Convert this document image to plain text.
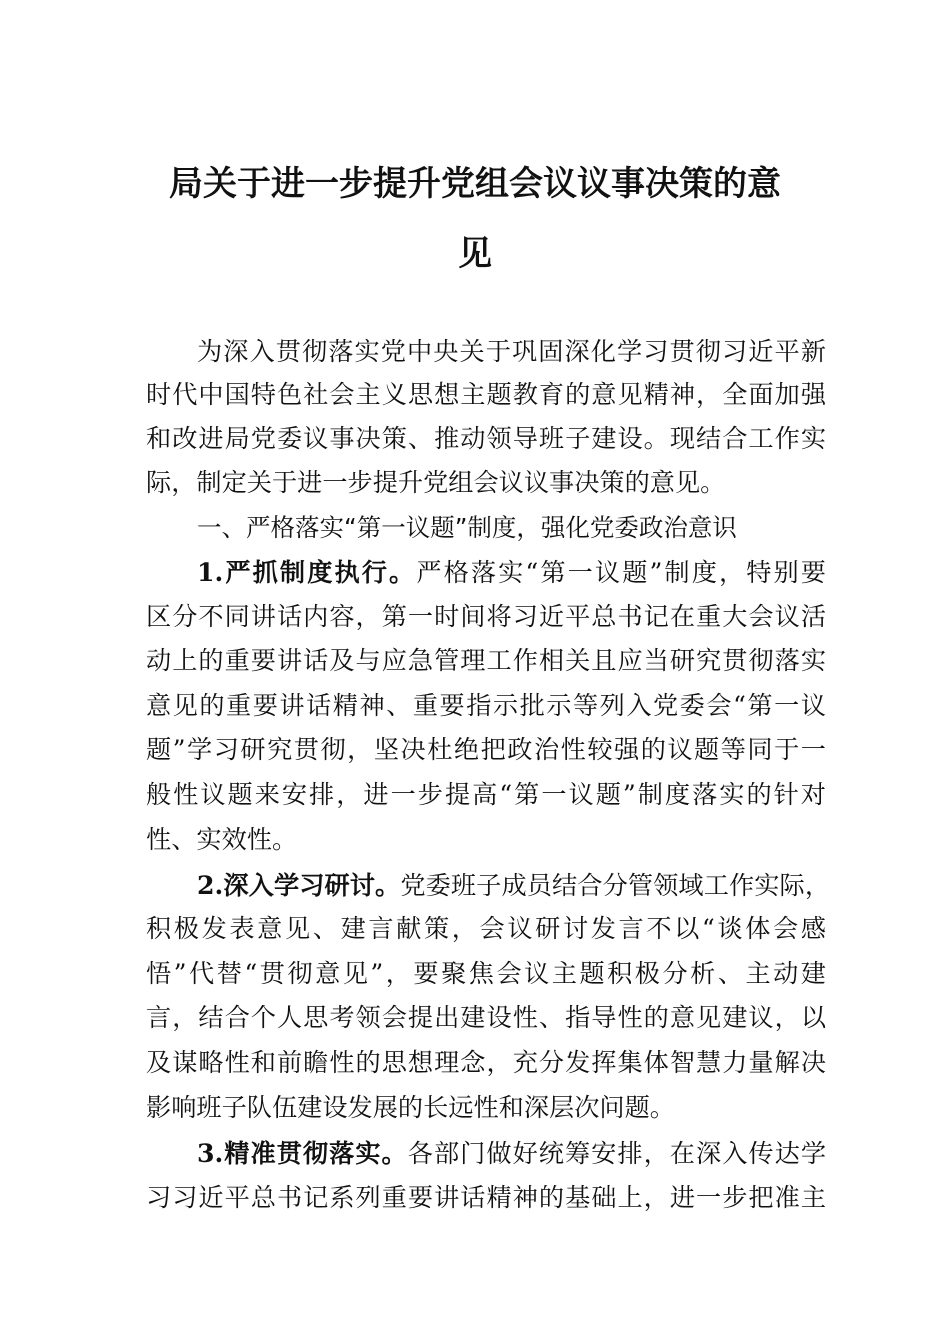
局关于进一步提升党组会议议事决策的意
见
为深入贯彻落实党中央关于巩固深化学习贯彻习近平新
时代中国特色社会主义思想主题教育的意见精神，全面加强
和改进局党委议事决策、推动领导班子建设。现结合工作实
际，制定关于进一步提升党组会议议事决策的意见。
一、严格落实“第一议题”制度，强化党委政治意识
1.严抓制度执行。严格落实“第一议题”制度，特别要
区分不同讲话内容，第一时间将习近平总书记在重大会议活
动上的重要讲话及与应急管理工作相关且应当研究贯彻落实
意见的重要讲话精神、重要指示批示等列入党委会“第一议
题”学习研究贯彻，坚决杜绝把政治性较强的议题等同于一
般性议题来安排，进一步提高“第一议题”制度落实的针对
性、实效性。
2.深入学习研讨。党委班子成员结合分管领域工作实际，
积极发表意见、建言献策，会议研讨发言不以“谈体会感
悟”代替“贯彻意见”，要聚焦会议主题积极分析、主动建
言，结合个人思考领会提出建设性、指导性的意见建议，以
及谋略性和前瞻性的思想理念，充分发挥集体智慧力量解决
影响班子队伍建设发展的长远性和深层次问题。
3.精准贯彻落实。各部门做好统筹安排，在深入传达学
习习近平总书记系列重要讲话精神的基础上，进一步把准主
